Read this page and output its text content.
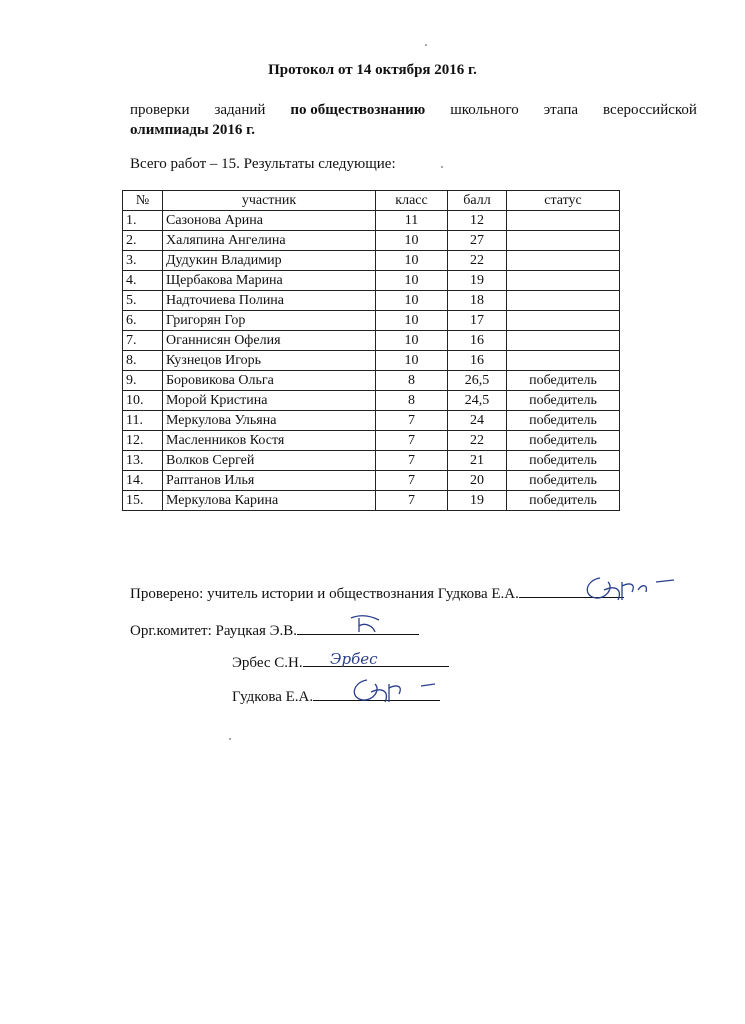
Протокол от 14 октября 2016 г.
проверки заданий по обществознанию школьного этапа всероссийской
олимпиады 2016 г.
Всего работ – 15. Результаты следующие:
№	участник	класс	балл	статус
1.	Сазонова Арина	11	12	
2.	Халяпина Ангелина	10	27	
3.	Дудукин Владимир	10	22	
4.	Щербакова Марина	10	19	
5.	Надточиева Полина	10	18	
6.	Григорян Гор	10	17	
7.	Оганнисян Офелия	10	16	
8.	Кузнецов Игорь	10	16	
9.	Боровикова Ольга	8	26,5	победитель
10.	Морой Кристина	8	24,5	победитель
11.	Меркулова Ульяна	7	24	победитель
12.	Масленников Костя	7	22	победитель
13.	Волков Сергей	7	21	победитель
14.	Раптанов Илья	7	20	победитель
15.	Меркулова Карина	7	19	победитель
Проверено: учитель истории и обществознания Гудкова Е.А.
Орг.комитет: Рауцкая Э.В.
Эрбес С.Н.	Эрбес
Гудкова Е.А.
